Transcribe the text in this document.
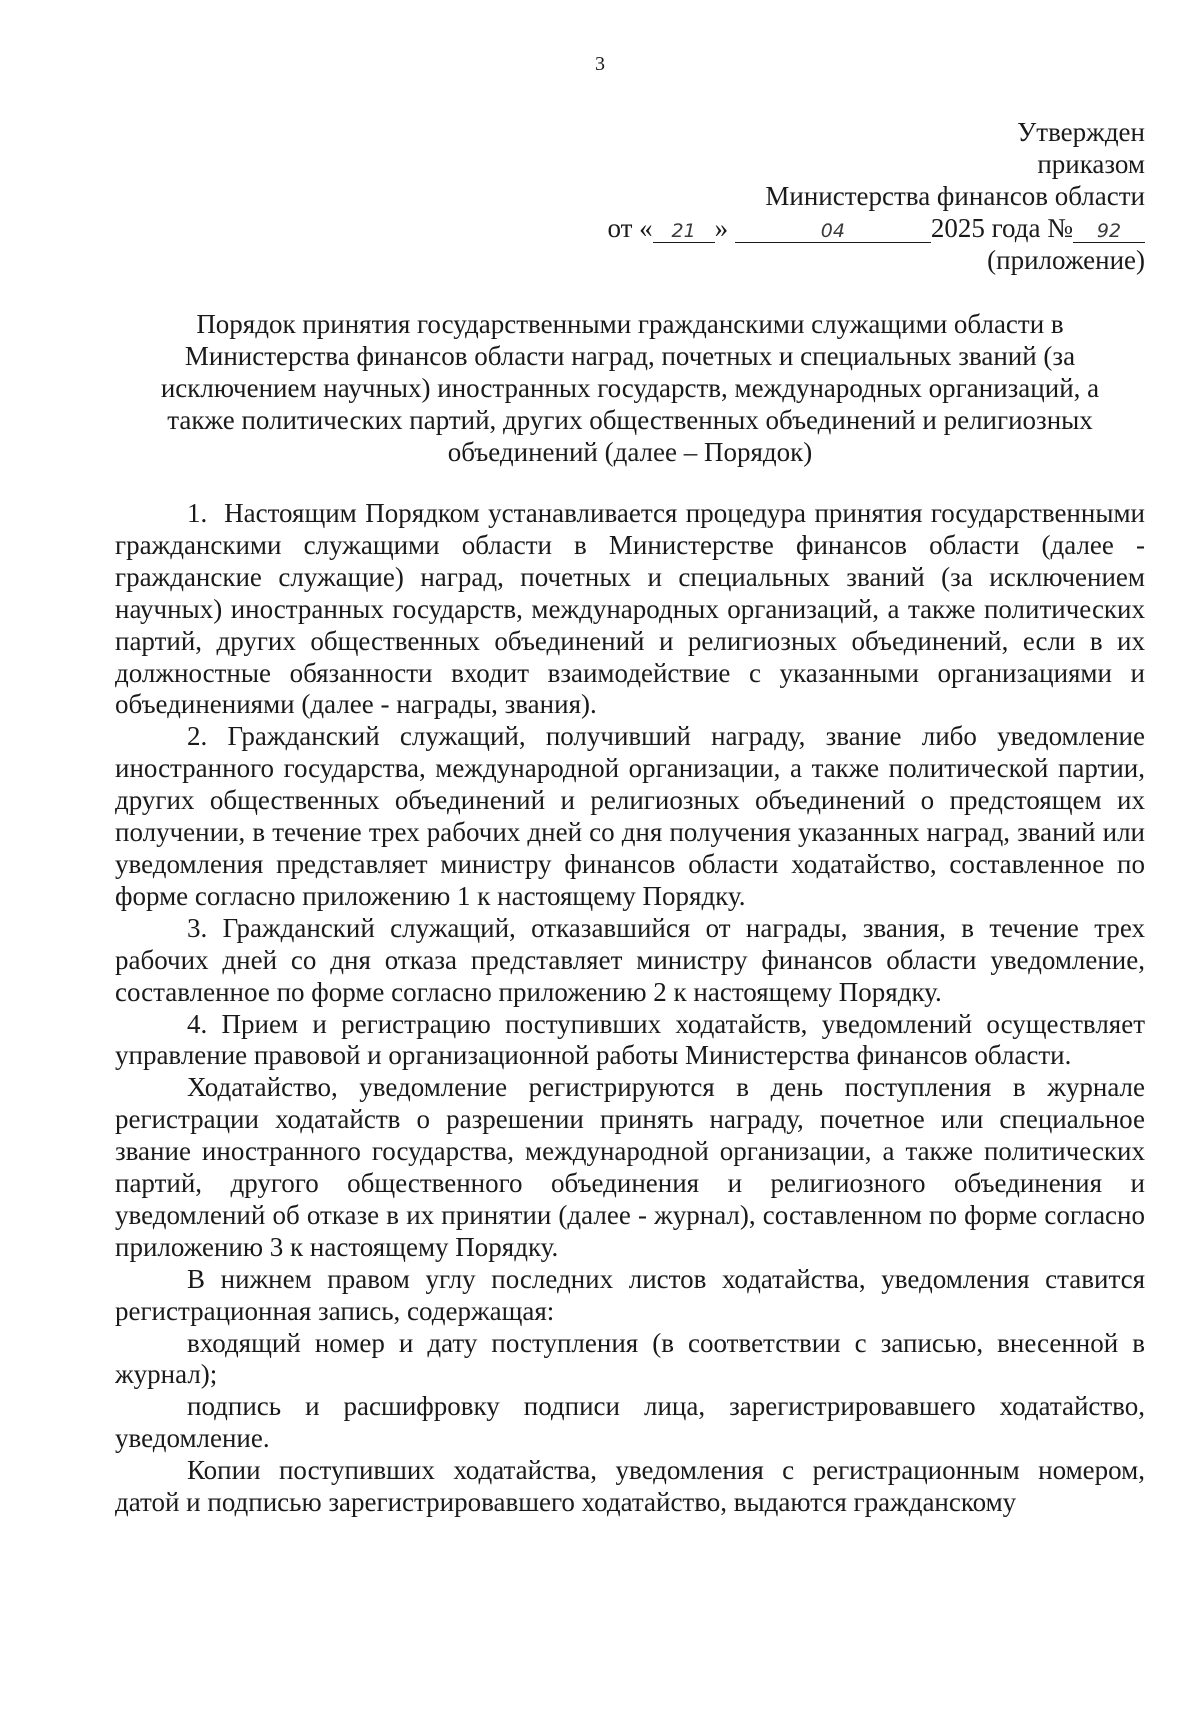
3
Утвержден
приказом
Министерства финансов области
от « 21 »	04	2025 года № 92
(приложение)
Порядок принятия государственными гражданскими служащими области в Министерства финансов области наград, почетных и специальных званий (за исключением научных) иностранных государств, международных организаций, а также политических партий, других общественных объединений и религиозных объединений (далее – Порядок)

1.  Настоящим Порядком устанавливается процедура принятия государственными гражданскими служащими области в Министерстве финансов области (далее - гражданские служащие) наград, почетных и специальных званий (за исключением научных) иностранных государств, международных организаций, а также политических партий, других общественных объединений и религиозных объединений, если в их должностные обязанности входит взаимодействие с указанными организациями и объединениями (далее - награды, звания).

2. Гражданский служащий, получивший награду, звание либо уведомление иностранного государства, международной организации, а также политической партии, других общественных объединений и религиозных объединений о предстоящем их получении, в течение трех рабочих дней со дня получения указанных наград, званий или уведомления представляет министру финансов области ходатайство, составленное по форме согласно приложению 1 к настоящему Порядку.

3. Гражданский служащий, отказавшийся от награды, звания, в течение трех рабочих дней со дня отказа представляет министру финансов области уведомление, составленное по форме согласно приложению 2 к настоящему Порядку.

4. Прием и регистрацию поступивших ходатайств, уведомлений осуществляет управление правовой и организационной работы Министерства финансов области.

Ходатайство, уведомление регистрируются в день поступления в журнале регистрации ходатайств о разрешении принять награду, почетное или специальное звание иностранного государства, международной организации, а также политических партий, другого общественного объединения и религиозного объединения и уведомлений об отказе в их принятии (далее - журнал), составленном по форме согласно приложению 3 к настоящему Порядку.

В нижнем правом углу последних листов ходатайства, уведомления ставится регистрационная запись, содержащая:

входящий номер и дату поступления (в соответствии с записью, внесенной в журнал);

подпись и расшифровку подписи лица, зарегистрировавшего ходатайство, уведомление.

Копии поступивших ходатайства, уведомления с регистрационным номером, датой и подписью зарегистрировавшего ходатайство, выдаются гражданскому
